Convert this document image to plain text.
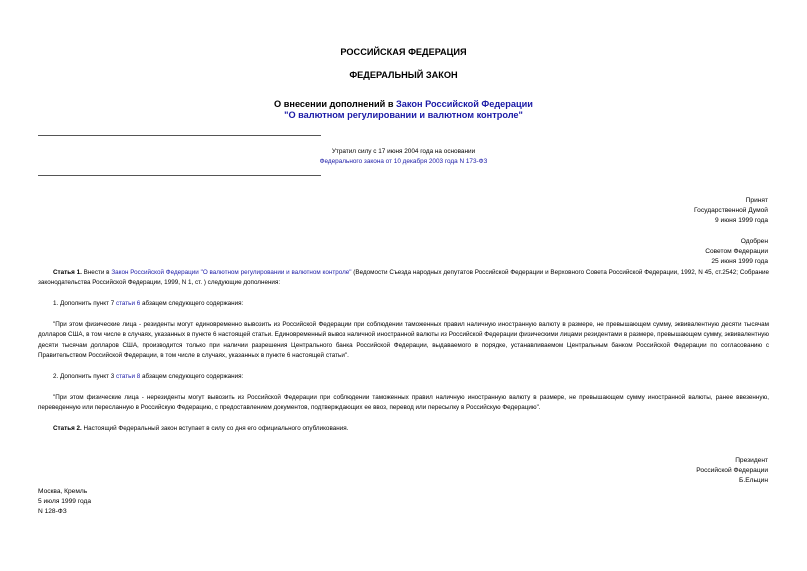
РОССИЙСКАЯ ФЕДЕРАЦИЯ
ФЕДЕРАЛЬНЫЙ ЗАКОН
О внесении дополнений в Закон Российской Федерации
"О валютном регулировании и валютном контроле"
Утратил силу с 17 июня 2004 года на основании
Федерального закона от 10 декабря 2003 года N 173-ФЗ
Принят
Государственной Думой
9 июня 1999 года
Одобрен
Советом Федерации
25 июня 1999 года
Статья 1. Внести в Закон Российской Федерации "О валютном регулировании и валютном контроле" (Ведомости Съезда народных депутатов Российской Федерации и Верховного Совета Российской Федерации, 1992, N 45, ст.2542; Собрание законодательства Российской Федерации, 1999, N 1, ст. ) следующие дополнения:
1. Дополнить пункт 7 статьи 6 абзацем следующего содержания:
"При этом физические лица - резиденты могут единовременно вывозить из Российской Федерации при соблюдении таможенных правил наличную иностранную валюту в размере, не превышающем сумму, эквивалентную десяти тысячам долларов США, в том числе в случаях, указанных в пункте 6 настоящей статьи. Единовременный вывоз наличной иностранной валюты из Российской Федерации физическими лицами резидентами в размере, превышающем сумму, эквивалентную десяти тысячам долларов США, производится только при наличии разрешения Центрального банка Российской Федерации, выдаваемого в порядке, устанавливаемом Центральным банком Российской Федерации по согласованию с Правительством Российской Федерации, в том числе в случаях, указанных в пункте 6 настоящей статьи".
2. Дополнить пункт 3 статьи 8 абзацем следующего содержания:
"При этом физические лица - нерезиденты могут вывозить из Российской Федерации при соблюдении таможенных правил наличную иностранную валюту в размере, не превышающем сумму иностранной валюты, ранее ввезенную, переведенную или пересланную в Российскую Федерацию, с предоставлением документов, подтверждающих ее ввоз, перевод или пересылку в Российскую Федерацию".
Статья 2. Настоящий Федеральный закон вступает в силу со дня его официального опубликования.
Президент
Российской Федерации
Б.Ельцин
Москва, Кремль
5 июля 1999 года
N 128-ФЗ
